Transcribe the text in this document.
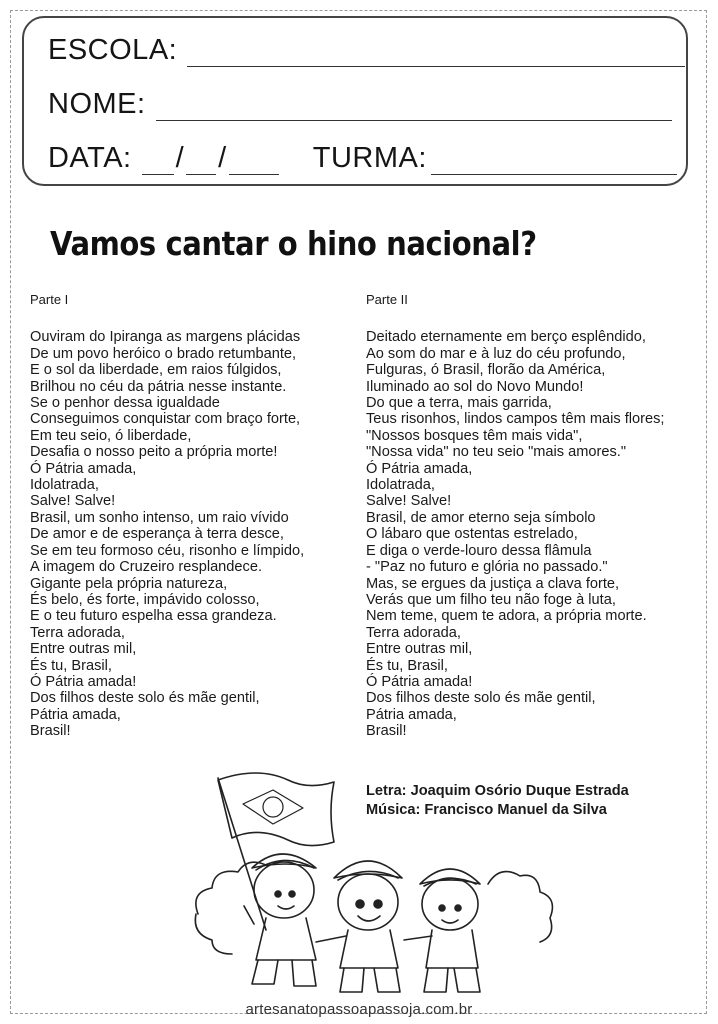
ESCOLA:
NOME:
DATA: / /	TURMA:
Vamos cantar o hino nacional?
Parte I
Ouviram do Ipiranga as margens plácidas
De um povo heróico o brado retumbante,
E o sol da liberdade, em raios fúlgidos,
Brilhou no céu da pátria nesse instante.
Se o penhor dessa igualdade
Conseguimos conquistar com braço forte,
Em teu seio, ó liberdade,
Desafia o nosso peito a própria morte!
Ó Pátria amada,
Idolatrada,
Salve! Salve!
Brasil, um sonho intenso, um raio vívido
De amor e de esperança à terra desce,
Se em teu formoso céu, risonho e límpido,
A imagem do Cruzeiro resplandece.
Gigante pela própria natureza,
És belo, és forte, impávido colosso,
E o teu futuro espelha essa grandeza.
Terra adorada,
Entre outras mil,
És tu, Brasil,
Ó Pátria amada!
Dos filhos deste solo és mãe gentil,
Pátria amada,
Brasil!
Parte II
Deitado eternamente em berço esplêndido,
Ao som do mar e à luz do céu profundo,
Fulguras, ó Brasil, florão da América,
Iluminado ao sol do Novo Mundo!
Do que a terra, mais garrida,
Teus risonhos, lindos campos têm mais flores;
"Nossos bosques têm mais vida",
"Nossa vida" no teu seio "mais amores."
Ó Pátria amada,
Idolatrada,
Salve! Salve!
Brasil, de amor eterno seja símbolo
O lábaro que ostentas estrelado,
E diga o verde-louro dessa flâmula
- "Paz no futuro e glória no passado."
Mas, se ergues da justiça a clava forte,
Verás que um filho teu não foge à luta,
Nem teme, quem te adora, a própria morte.
Terra adorada,
Entre outras mil,
És tu, Brasil,
Ó Pátria amada!
Dos filhos deste solo és mãe gentil,
Pátria amada,
Brasil!
Letra: Joaquim Osório Duque Estrada
Música: Francisco Manuel da Silva
artesanatopassoapassoja.com.br
